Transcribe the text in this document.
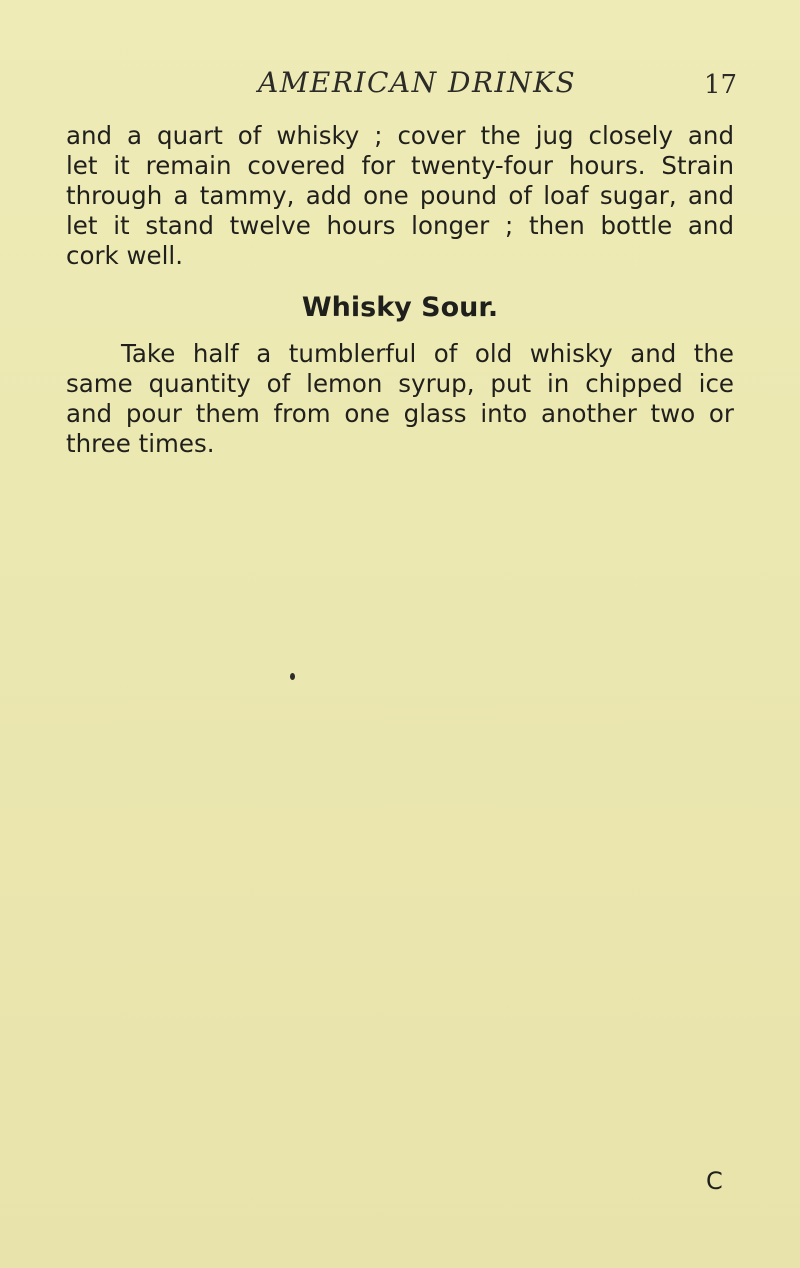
AMERICAN DRINKS	17
and a quart of whisky ; cover the jug closely and
let it remain covered for twenty-four hours. Strain
through a tammy, add one pound of loaf sugar, and
let it stand twelve hours longer ; then bottle and
cork well.
Whisky Sour.
Take half a tumblerful of old whisky and the
same quantity of lemon syrup, put in chipped ice
and pour them from one glass into another two or
three times.
C
